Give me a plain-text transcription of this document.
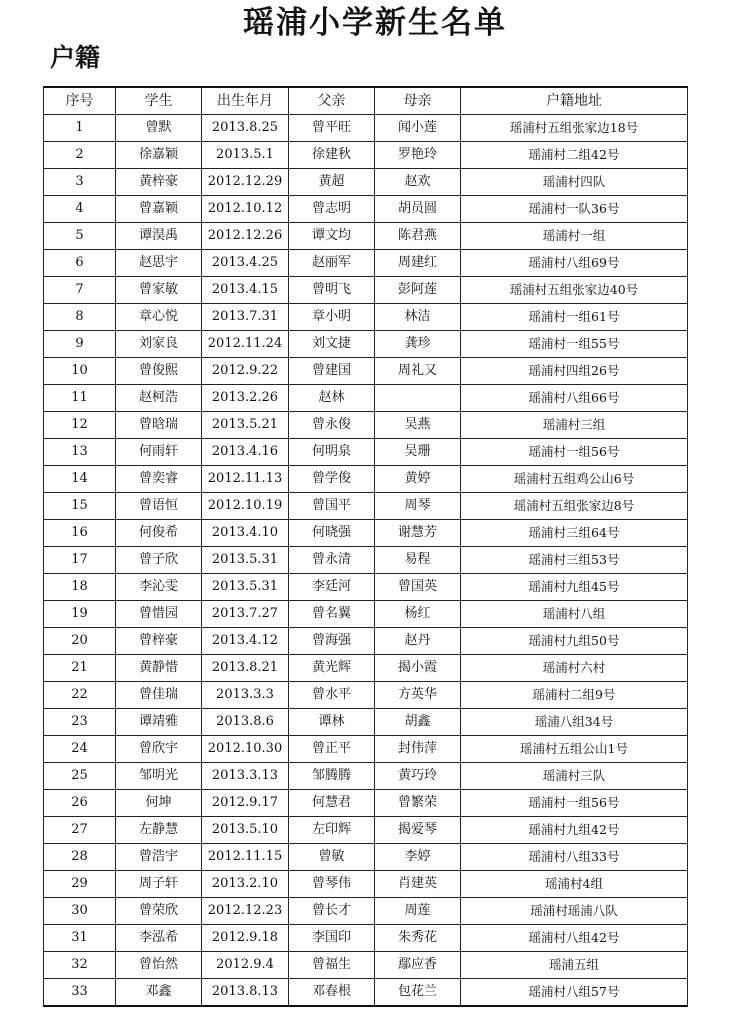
瑶浦小学新生名单
户籍
序号	学生	出生年月	父亲	母亲	户籍地址
1	曾默	2013.8.25	曾平旺	闻小莲	瑶浦村五组张家边18号
2	徐嘉颖	2013.5.1	徐建秋	罗艳玲	瑶浦村二组42号
3	黄梓豪	2012.12.29	黄超	赵欢	瑶浦村四队
4	曾嘉颖	2012.10.12	曾志明	胡员圆	瑶浦村一队36号
5	谭淏禹	2012.12.26	谭文均	陈君燕	瑶浦村一组
6	赵思宇	2013.4.25	赵丽军	周建红	瑶浦村八组69号
7	曾家敏	2013.4.15	曾明飞	彭阿莲	瑶浦村五组张家边40号
8	章心悦	2013.7.31	章小明	林洁	瑶浦村一组61号
9	刘家良	2012.11.24	刘文捷	龚珍	瑶浦村一组55号
10	曾俊熙	2012.9.22	曾建国	周礼又	瑶浦村四组26号
11	赵柯浩	2013.2.26	赵林		瑶浦村八组66号
12	曾晗瑞	2013.5.21	曾永俊	吴燕	瑶浦村三组
13	何雨轩	2013.4.16	何明泉	吴珊	瑶浦村一组56号
14	曾奕睿	2012.11.13	曾学俊	黄婷	瑶浦村五组鸡公山6号
15	曾语恒	2012.10.19	曾国平	周琴	瑶浦村五组张家边8号
16	何俊希	2013.4.10	何晓强	谢慧芳	瑶浦村三组64号
17	曾子欣	2013.5.31	曾永清	易程	瑶浦村三组53号
18	李沁雯	2013.5.31	李廷河	曾国英	瑶浦村九组45号
19	曾惜园	2013.7.27	曾名翼	杨红	瑶浦村八组
20	曾梓豪	2013.4.12	曾海强	赵丹	瑶浦村九组50号
21	黄静惜	2013.8.21	黄光辉	揭小霞	瑶浦村六村
22	曾佳瑞	2013.3.3	曾水平	方英华	瑶浦村二组9号
23	谭靖雅	2013.8.6	谭林	胡鑫	瑶浦八组34号
24	曾欣宇	2012.10.30	曾正平	封伟萍	瑶浦村五组公山1号
25	邹明光	2013.3.13	邹腾腾	黄巧玲	瑶浦村三队
26	何坤	2012.9.17	何慧君	曾繁荣	瑶浦村一组56号
27	左静慧	2013.5.10	左印辉	揭爱琴	瑶浦村九组42号
28	曾浩宇	2012.11.15	曾敏	李婷	瑶浦村八组33号
29	周子轩	2013.2.10	曾琴伟	肖建英	瑶浦村4组
30	曾荣欣	2012.12.23	曾长才	周莲	瑶浦村瑶浦八队
31	李泓希	2012.9.18	李国印	朱秀花	瑶浦村八组42号
32	曾怡然	2012.9.4	曾福生	鄢应香	瑶浦五组
33	邓鑫	2013.8.13	邓春根	包花兰	瑶浦村八组57号
